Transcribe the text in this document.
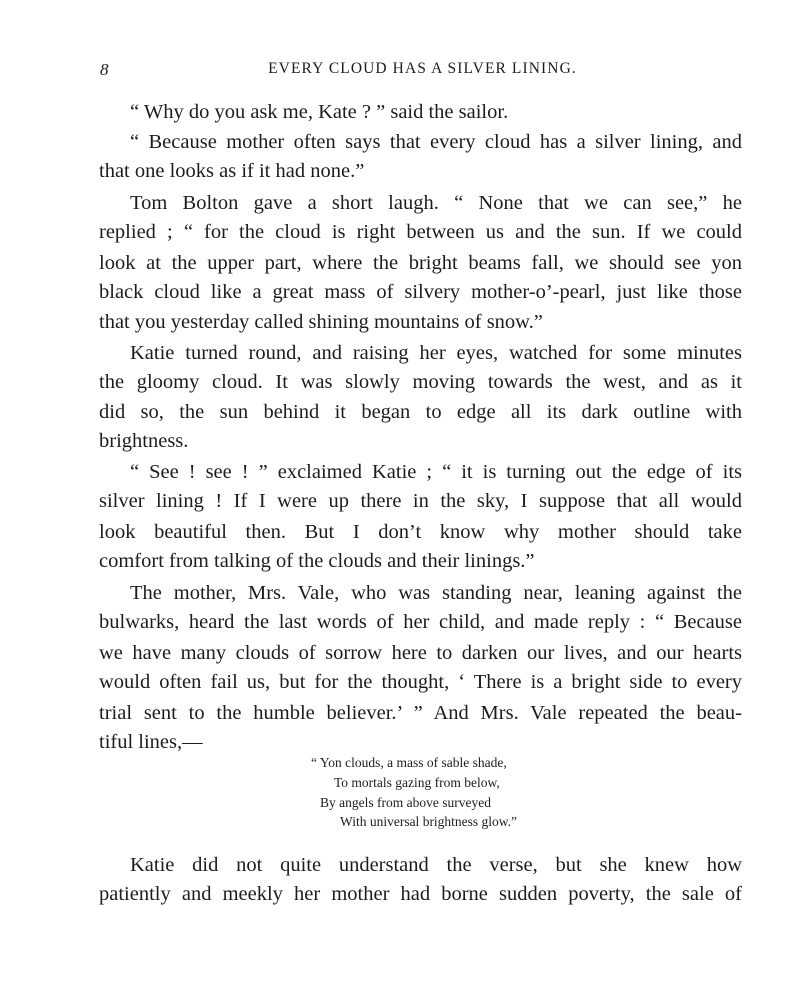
8	EVERY CLOUD HAS A SILVER LINING.
“ Why do you ask me, Kate ? ” said the sailor.
“ Because mother often says that every cloud has a silver lining, and
that one looks as if it had none.”
Tom Bolton gave a short laugh. “ None that we can see,” he
replied ; “ for the cloud is right between us and the sun. If we could
look at the upper part, where the bright beams fall, we should see yon
black cloud like a great mass of silvery mother-o’-pearl, just like those
that you yesterday called shining mountains of snow.”
Katie turned round, and raising her eyes, watched for some minutes
the gloomy cloud. It was slowly moving towards the west, and as it
did so, the sun behind it began to edge all its dark outline with
brightness.
“ See ! see ! ” exclaimed Katie ; “ it is turning out the edge of its
silver lining ! If I were up there in the sky, I suppose that all would
look beautiful then. But I don’t know why mother should take
comfort from talking of the clouds and their linings.”
The mother, Mrs. Vale, who was standing near, leaning against the
bulwarks, heard the last words of her child, and made reply : “ Because
we have many clouds of sorrow here to darken our lives, and our hearts
would often fail us, but for the thought, ‘ There is a bright side to every
trial sent to the humble believer.’ ” And Mrs. Vale repeated the beau-
tiful lines,—
“ Yon clouds, a mass of sable shade,
To mortals gazing from below,
By angels from above surveyed
With universal brightness glow.”
Katie did not quite understand the verse, but she knew how
patiently and meekly her mother had borne sudden poverty, the sale of
